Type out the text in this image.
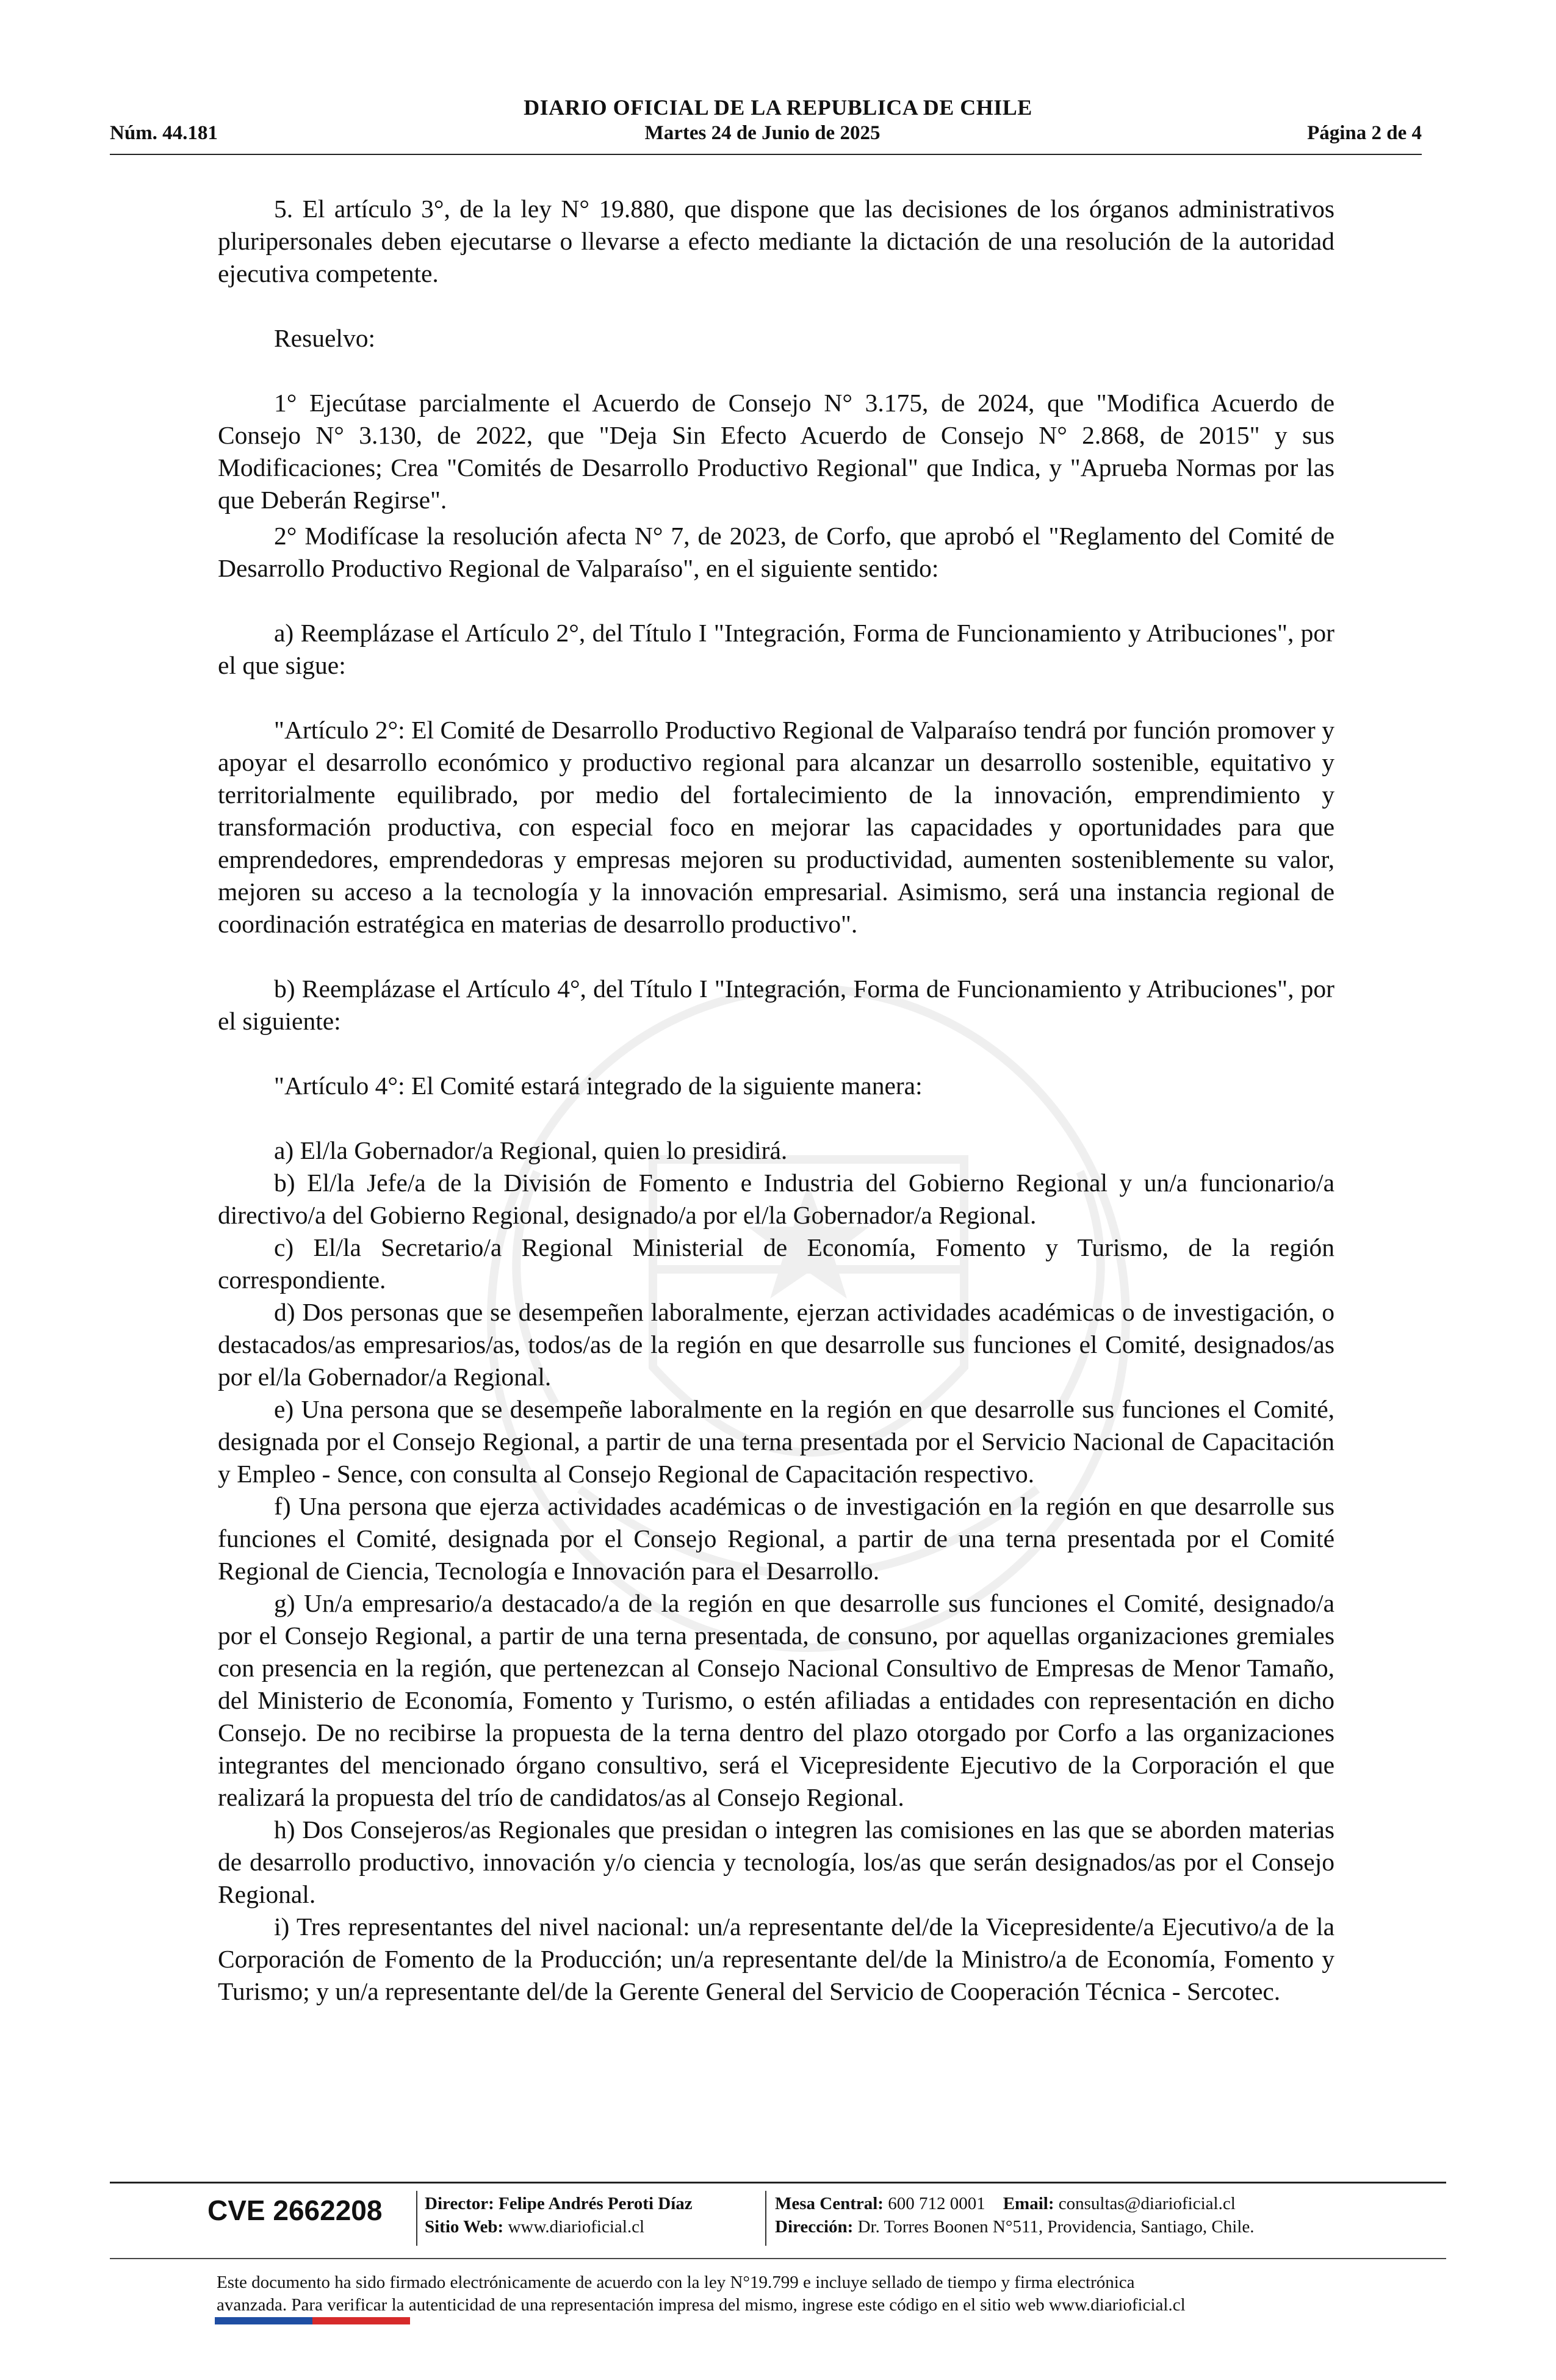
DIARIO OFICIAL DE LA REPUBLICA DE CHILE
Núm. 44.181	Martes 24 de Junio de 2025	Página 2 de 4

5. El artículo 3°, de la ley N° 19.880, que dispone que las decisiones de los órganos administrativos pluripersonales deben ejecutarse o llevarse a efecto mediante la dictación de una resolución de la autoridad ejecutiva competente.

Resuelvo:

1° Ejecútase parcialmente el Acuerdo de Consejo N° 3.175, de 2024, que "Modifica Acuerdo de Consejo N° 3.130, de 2022, que "Deja Sin Efecto Acuerdo de Consejo N° 2.868, de 2015" y sus Modificaciones; Crea "Comités de Desarrollo Productivo Regional" que Indica, y "Aprueba Normas por las que Deberán Regirse".

2° Modifícase la resolución afecta N° 7, de 2023, de Corfo, que aprobó el "Reglamento del Comité de Desarrollo Productivo Regional de Valparaíso", en el siguiente sentido:

a) Reemplázase el Artículo 2°, del Título I "Integración, Forma de Funcionamiento y Atribuciones", por el que sigue:

"Artículo 2°: El Comité de Desarrollo Productivo Regional de Valparaíso tendrá por función promover y apoyar el desarrollo económico y productivo regional para alcanzar un desarrollo sostenible, equitativo y territorialmente equilibrado, por medio del fortalecimiento de la innovación, emprendimiento y transformación productiva, con especial foco en mejorar las capacidades y oportunidades para que emprendedores, emprendedoras y empresas mejoren su productividad, aumenten sosteniblemente su valor, mejoren su acceso a la tecnología y la innovación empresarial. Asimismo, será una instancia regional de coordinación estratégica en materias de desarrollo productivo".

b) Reemplázase el Artículo 4°, del Título I "Integración, Forma de Funcionamiento y Atribuciones", por el siguiente:

"Artículo 4°: El Comité estará integrado de la siguiente manera:

a) El/la Gobernador/a Regional, quien lo presidirá.

b) El/la Jefe/a de la División de Fomento e Industria del Gobierno Regional y un/a funcionario/a directivo/a del Gobierno Regional, designado/a por el/la Gobernador/a Regional.

c) El/la Secretario/a Regional Ministerial de Economía, Fomento y Turismo, de la región correspondiente.

d) Dos personas que se desempeñen laboralmente, ejerzan actividades académicas o de investigación, o destacados/as empresarios/as, todos/as de la región en que desarrolle sus funciones el Comité, designados/as por el/la Gobernador/a Regional.

e) Una persona que se desempeñe laboralmente en la región en que desarrolle sus funciones el Comité, designada por el Consejo Regional, a partir de una terna presentada por el Servicio Nacional de Capacitación y Empleo - Sence, con consulta al Consejo Regional de Capacitación respectivo.

f) Una persona que ejerza actividades académicas o de investigación en la región en que desarrolle sus funciones el Comité, designada por el Consejo Regional, a partir de una terna presentada por el Comité Regional de Ciencia, Tecnología e Innovación para el Desarrollo.

g) Un/a empresario/a destacado/a de la región en que desarrolle sus funciones el Comité, designado/a por el Consejo Regional, a partir de una terna presentada, de consuno, por aquellas organizaciones gremiales con presencia en la región, que pertenezcan al Consejo Nacional Consultivo de Empresas de Menor Tamaño, del Ministerio de Economía, Fomento y Turismo, o estén afiliadas a entidades con representación en dicho Consejo. De no recibirse la propuesta de la terna dentro del plazo otorgado por Corfo a las organizaciones integrantes del mencionado órgano consultivo, será el Vicepresidente Ejecutivo de la Corporación el que realizará la propuesta del trío de candidatos/as al Consejo Regional.

h) Dos Consejeros/as Regionales que presidan o integren las comisiones en las que se aborden materias de desarrollo productivo, innovación y/o ciencia y tecnología, los/as que serán designados/as por el Consejo Regional.

i) Tres representantes del nivel nacional: un/a representante del/de la Vicepresidente/a Ejecutivo/a de la Corporación de Fomento de la Producción; un/a representante del/de la Ministro/a de Economía, Fomento y Turismo; y un/a representante del/de la Gerente General del Servicio de Cooperación Técnica - Sercotec.

CVE 2662208	Director: Felipe Andrés Peroti Díaz
Sitio Web: www.diarioficial.cl
Mesa Central: 600 712 0001 Email: consultas@diarioficial.cl
Dirección: Dr. Torres Boonen N°511, Providencia, Santiago, Chile.
Este documento ha sido firmado electrónicamente de acuerdo con la ley N°19.799 e incluye sellado de tiempo y firma electrónica
avanzada. Para verificar la autenticidad de una representación impresa del mismo, ingrese este código en el sitio web www.diarioficial.cl
